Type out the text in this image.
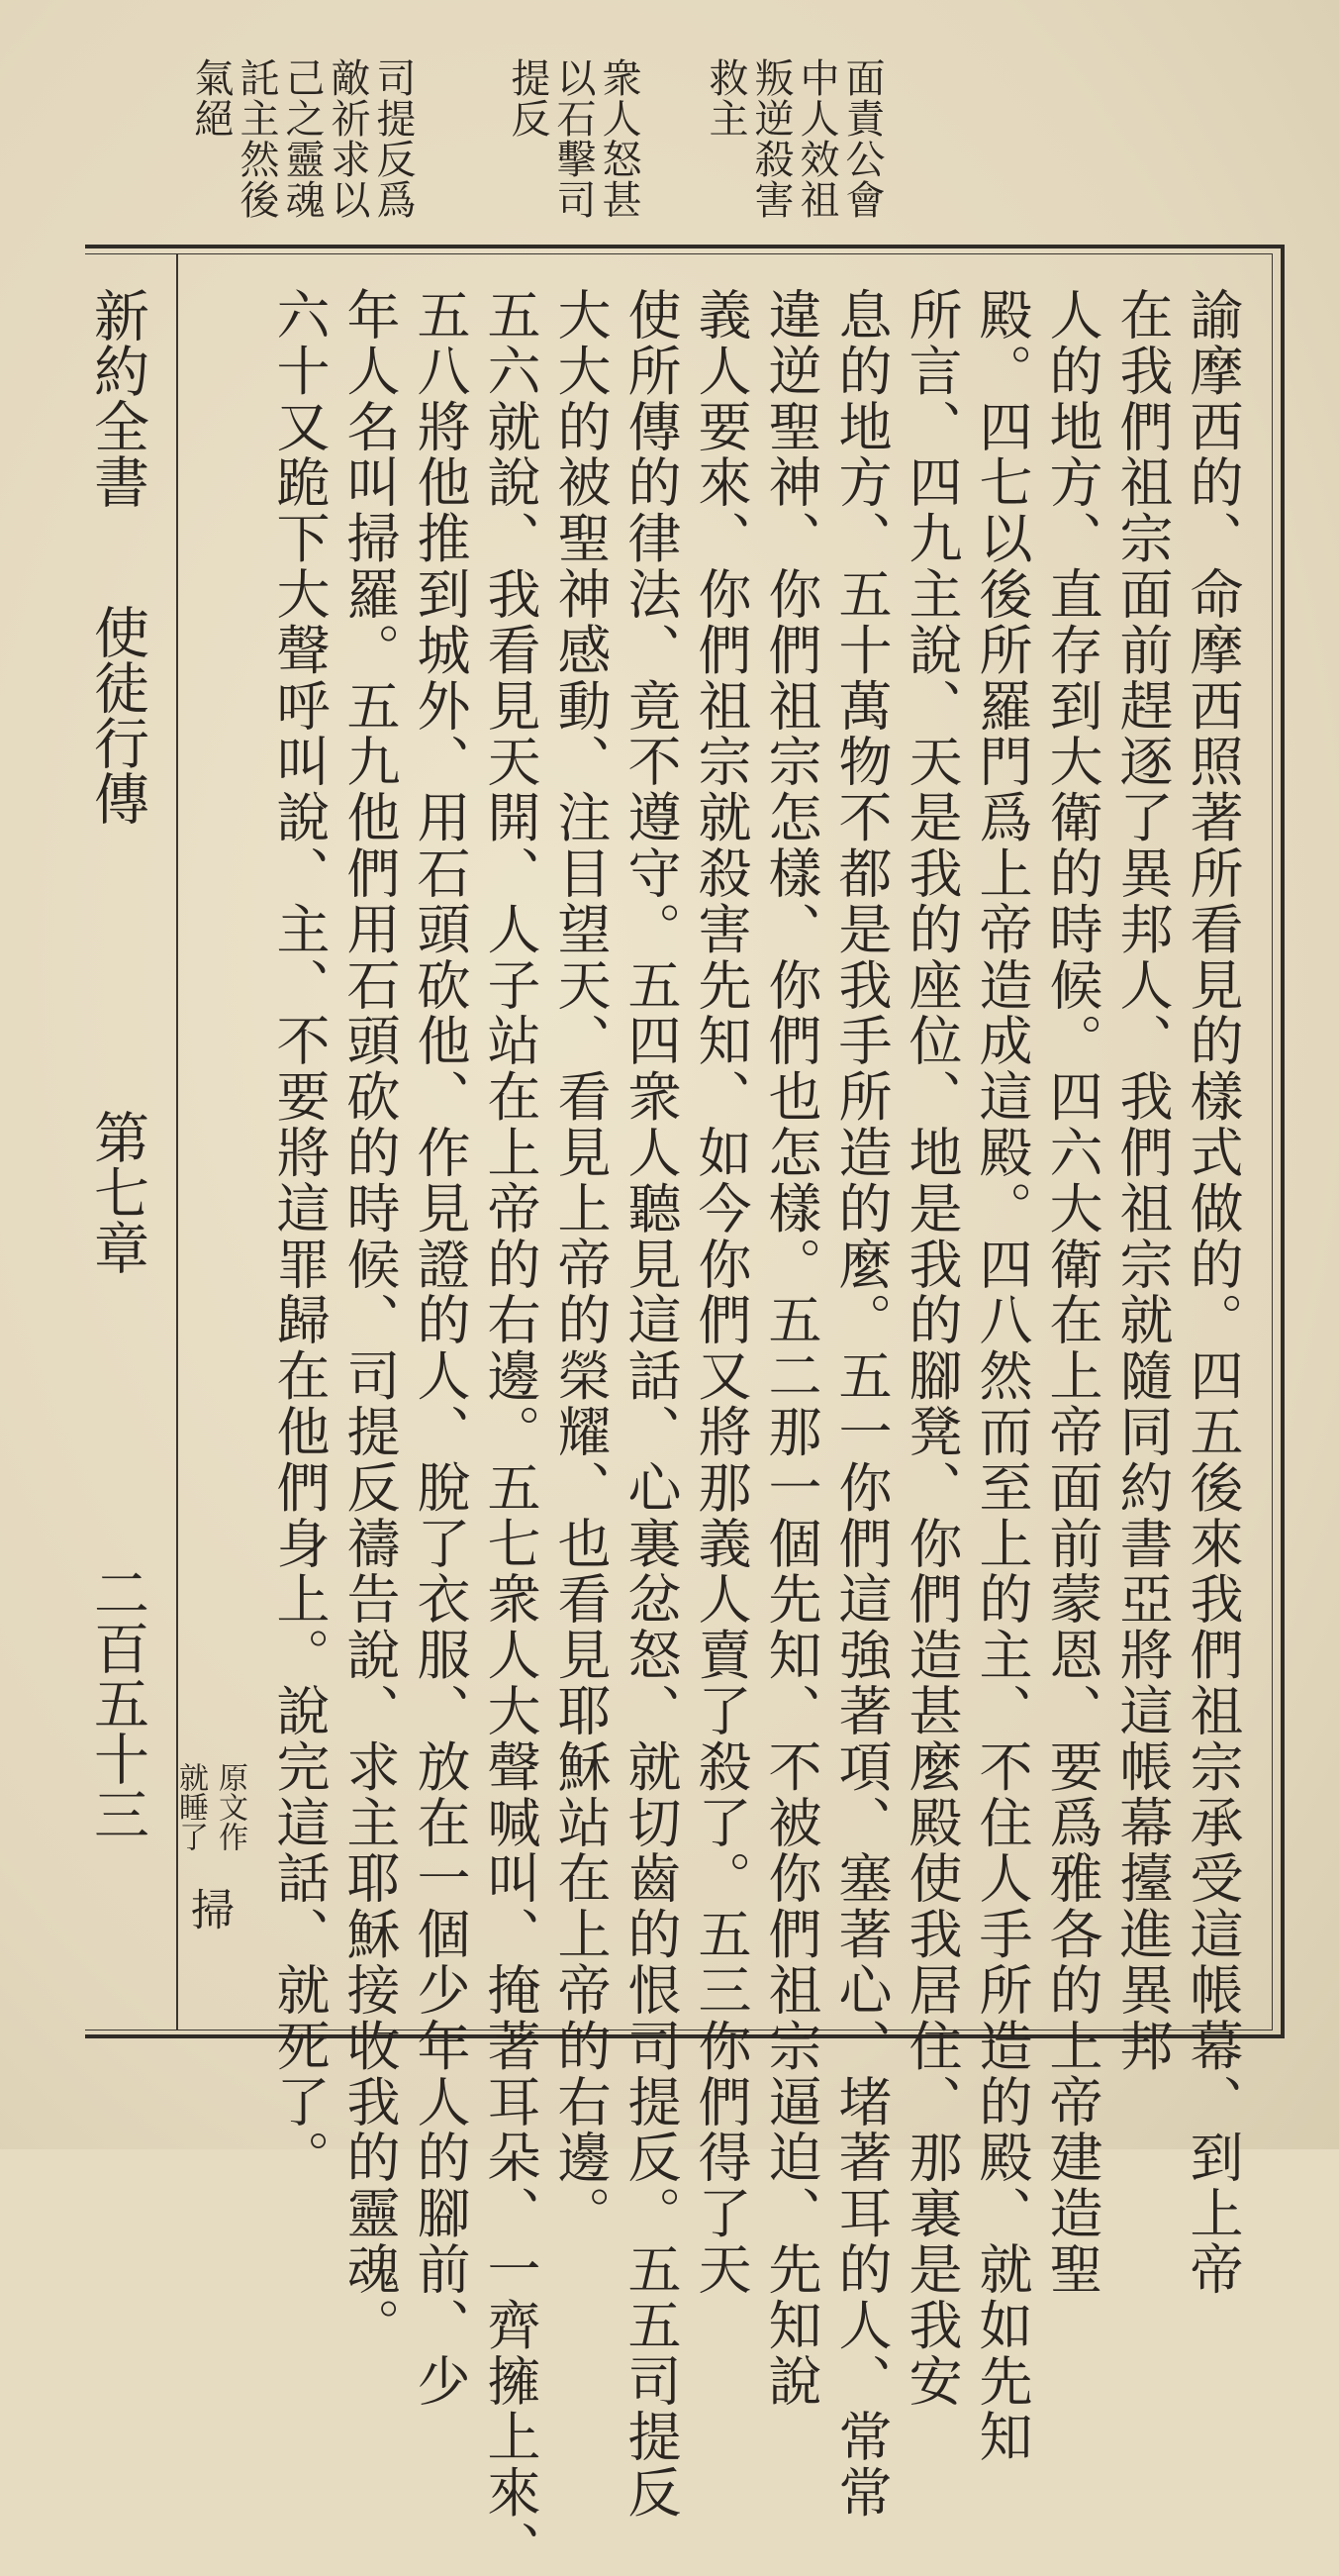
面責公會
中人效祖
叛逆殺害
救主
衆人怒甚
以石擊司
提反
司提反爲
敵祈求以
己之靈魂
託主然後
氣絕
諭摩西的、命摩西照著所看見的樣式做的。四五後來我們祖宗承受這帳幕、到上帝
在我們祖宗面前趕逐了異邦人、我們祖宗就隨同約書亞將這帳幕擡進異邦
人的地方、直存到大衛的時候。四六大衛在上帝面前蒙恩、要爲雅各的上帝建造聖
殿。四七以後所羅門爲上帝造成這殿。四八然而至上的主、不住人手所造的殿、就如先知
所言、四九主說、天是我的座位、地是我的腳凳、你們造甚麼殿使我居住、那裏是我安
息的地方、五十萬物不都是我手所造的麼。五一你們這強著項、塞著心、堵著耳的人、常常
違逆聖神、你們祖宗怎樣、你們也怎樣。五二那一個先知、不被你們祖宗逼迫、先知說
義人要來、你們祖宗就殺害先知、如今你們又將那義人賣了殺了。五三你們得了天
使所傳的律法、竟不遵守。五四衆人聽見這話、心裏忿怒、就切齒的恨司提反。五五司提反
大大的被聖神感動、注目望天、看見上帝的榮耀、也看見耶穌站在上帝的右邊。
五六就說、我看見天開、人子站在上帝的右邊。五七衆人大聲喊叫、掩著耳朵、一齊擁上來、
五八將他推到城外、用石頭砍他、作見證的人、脫了衣服、放在一個少年人的腳前、少
年人名叫掃羅。五九他們用石頭砍的時候、司提反禱告說、求主耶穌接收我的靈魂。
六十又跪下大聲呼叫說、主、不要將這罪歸在他們身上。說完這話、就死了。
原文作
就睡了
掃
新約全書
使徒行傳
第七章
二百五十三
